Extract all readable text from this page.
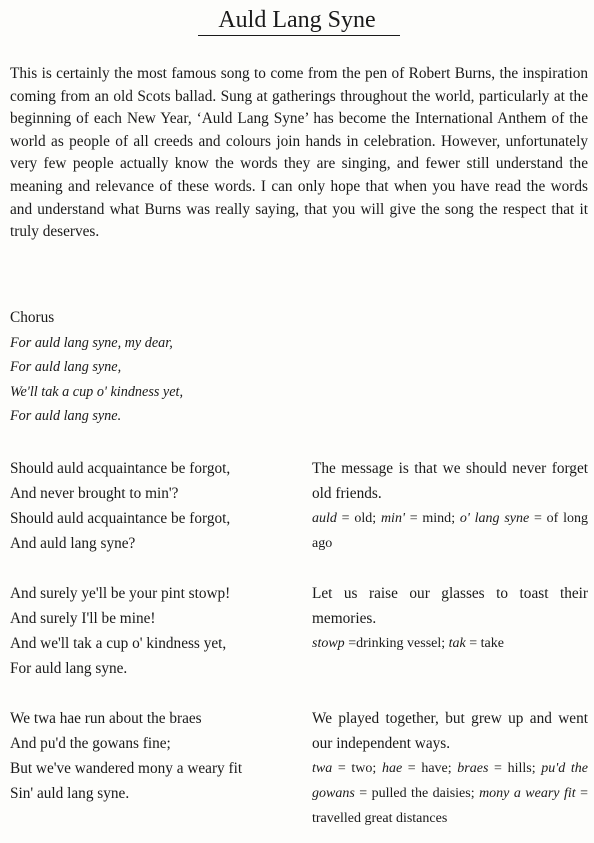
Auld Lang Syne

This is certainly the most famous song to come from the pen of Robert Burns, the inspiration coming from an old Scots ballad. Sung at gatherings throughout the world, particularly at the beginning of each New Year, ‘Auld Lang Syne’ has become the International Anthem of the world as people of all creeds and colours join hands in celebration. However, unfortunately very few people actually know the words they are singing, and fewer still understand the meaning and relevance of these words. I can only hope that when you have read the words and understand what Burns was really saying, that you will give the song the respect that it truly deserves.

Chorus
For auld lang syne, my dear,
For auld lang syne,
We'll tak a cup o' kindness yet,
For auld lang syne.
Should auld acquaintance be forgot,
And never brought to min'?
Should auld acquaintance be forgot,
And auld lang syne?
The message is that we should never forget old friends.
auld = old; min' = mind; o' lang syne = of long ago
And surely ye'll be your pint stowp!
And surely I'll be mine!
And we'll tak a cup o' kindness yet,
For auld lang syne.
Let us raise our glasses to toast their memories.
stowp =drinking vessel; tak = take
We twa hae run about the braes
And pu'd the gowans fine;
But we've wandered mony a weary fit
Sin' auld lang syne.
We played together, but grew up and went our independent ways.
twa = two; hae = have; braes = hills; pu'd the gowans = pulled the daisies; mony a weary fit = travelled great distances
